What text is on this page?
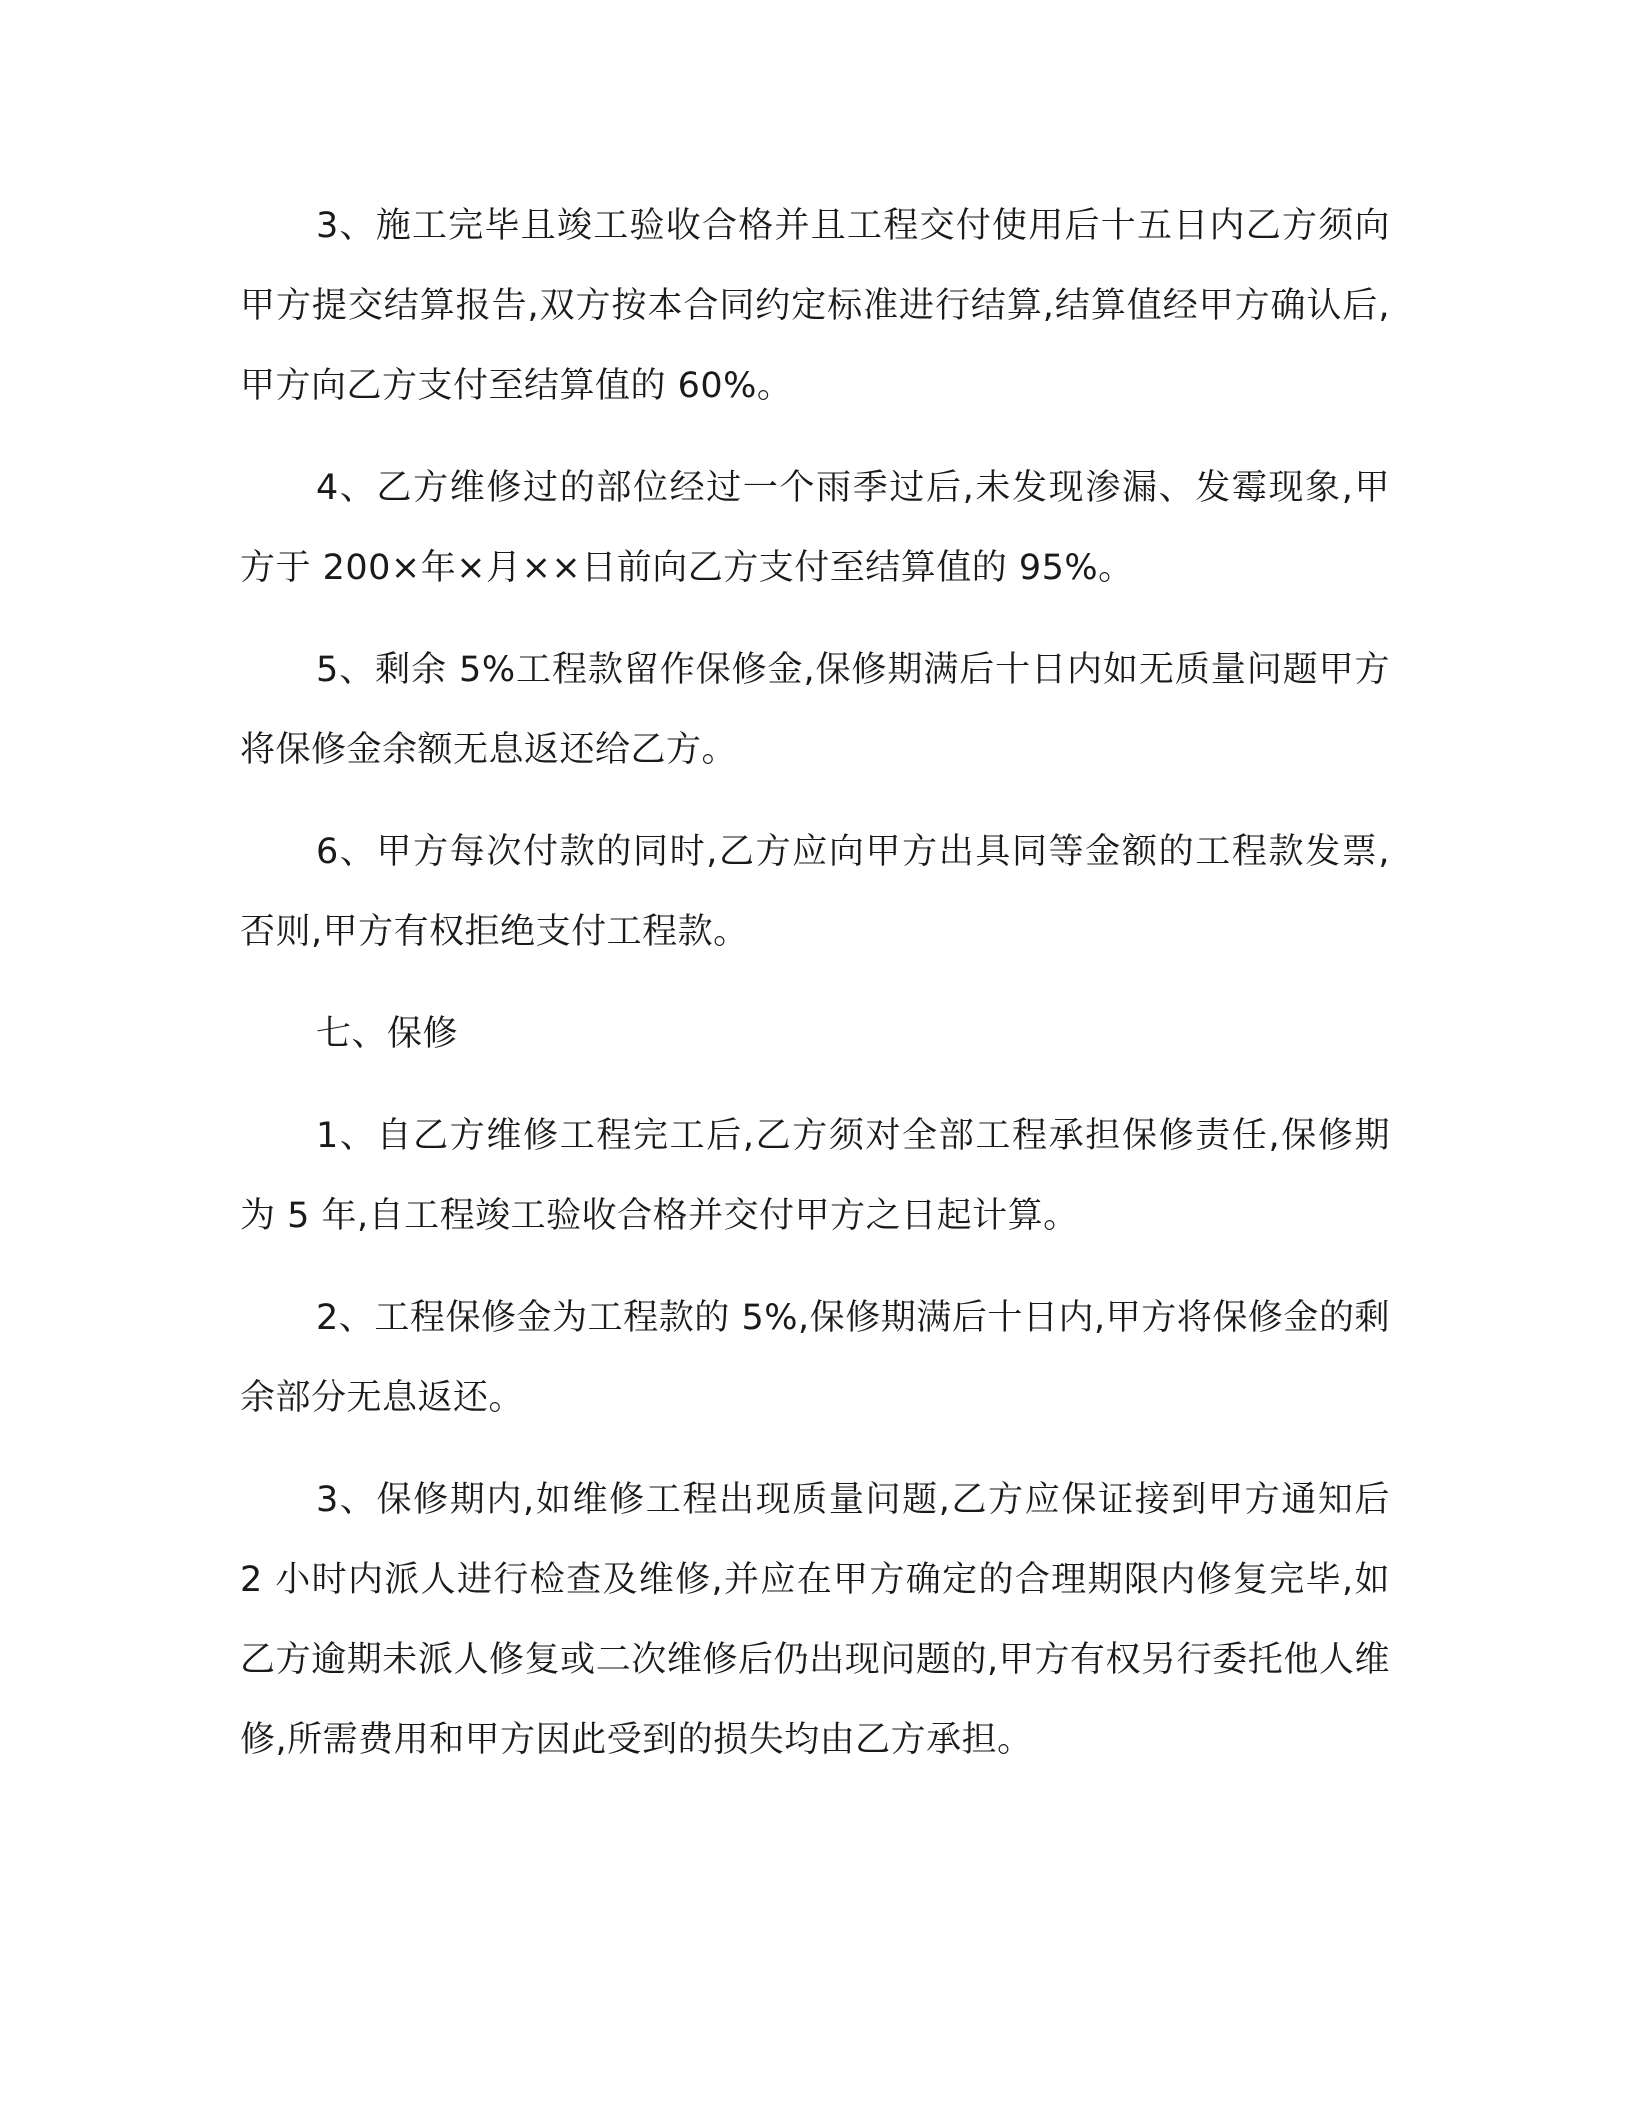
3、施工完毕且竣工验收合格并且工程交付使用后十五日内乙方须向甲方提交结算报告,双方按本合同约定标准进行结算,结算值经甲方确认后,甲方向乙方支付至结算值的 60%。

4、乙方维修过的部位经过一个雨季过后,未发现渗漏、发霉现象,甲方于 200×年×月××日前向乙方支付至结算值的 95%。

5、剩余 5%工程款留作保修金,保修期满后十日内如无质量问题甲方将保修金余额无息返还给乙方。

6、甲方每次付款的同时,乙方应向甲方出具同等金额的工程款发票,否则,甲方有权拒绝支付工程款。

七、保修

1、自乙方维修工程完工后,乙方须对全部工程承担保修责任,保修期为 5 年,自工程竣工验收合格并交付甲方之日起计算。

2、工程保修金为工程款的 5%,保修期满后十日内,甲方将保修金的剩余部分无息返还。

3、保修期内,如维修工程出现质量问题,乙方应保证接到甲方通知后 2 小时内派人进行检查及维修,并应在甲方确定的合理期限内修复完毕,如乙方逾期未派人修复或二次维修后仍出现问题的,甲方有权另行委托他人维修,所需费用和甲方因此受到的损失均由乙方承担。
